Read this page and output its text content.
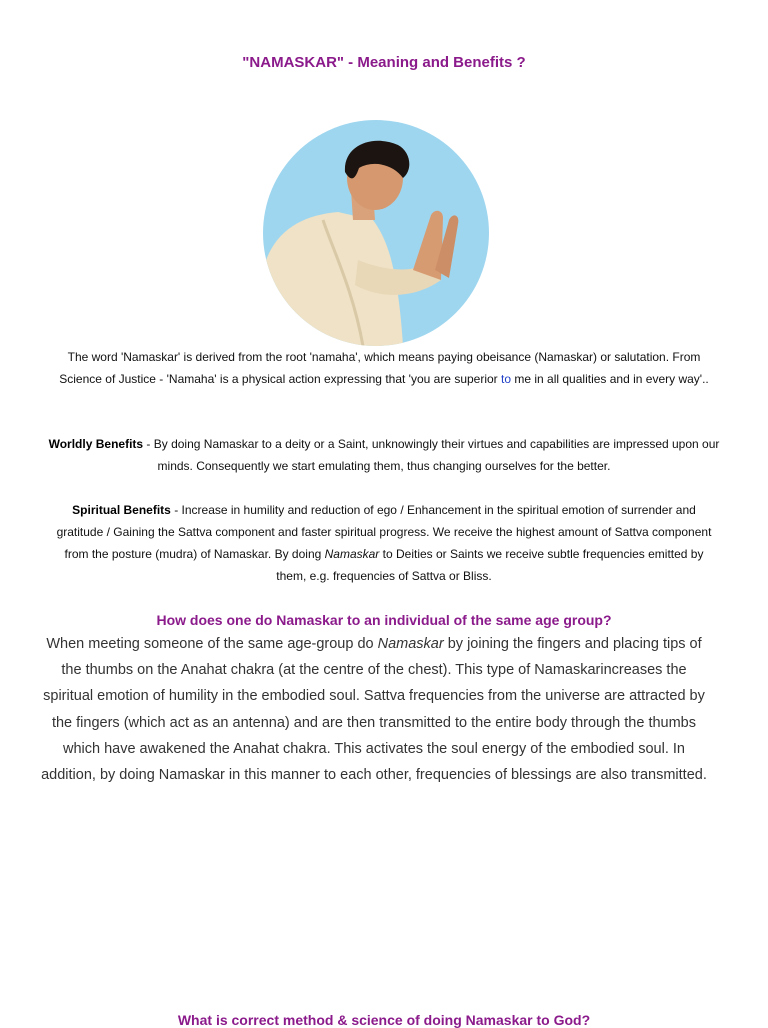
"NAMASKAR" - Meaning and Benefits ?
The word 'Namaskar' is derived from the root 'namaha', which means paying obeisance (Namaskar) or salutation. From Science of Justice - 'Namaha' is a physical action expressing that 'you are superior to me in all qualities and in every way'..
Worldly Benefits - By doing Namaskar to a deity or a Saint, unknowingly their virtues and capabilities are impressed upon our minds. Consequently we start emulating them, thus changing ourselves for the better.
Spiritual Benefits - Increase in humility and reduction of ego / Enhancement in the spiritual emotion of surrender and gratitude / Gaining the Sattva component and faster spiritual progress. We receive the highest amount of Sattva component from the posture (mudra) of Namaskar. By doing Namaskar to Deities or Saints we receive subtle frequencies emitted by them, e.g. frequencies of Sattva or Bliss.
How does one do Namaskar to an individual of the same age group?
When meeting someone of the same age-group do Namaskar by joining the fingers and placing tips of the thumbs on the Anahat chakra (at the centre of the chest). This type of Namaskarincreases the spiritual emotion of humility in the embodied soul. Sattva frequencies from the universe are attracted by the fingers (which act as an antenna) and are then transmitted to the entire body through the thumbs which have awakened the Anahat chakra. This activates the soul energy of the embodied soul. In addition, by doing Namaskar in this manner to each other, frequencies of blessings are also transmitted.
What is correct method & science of doing Namaskar to God?
